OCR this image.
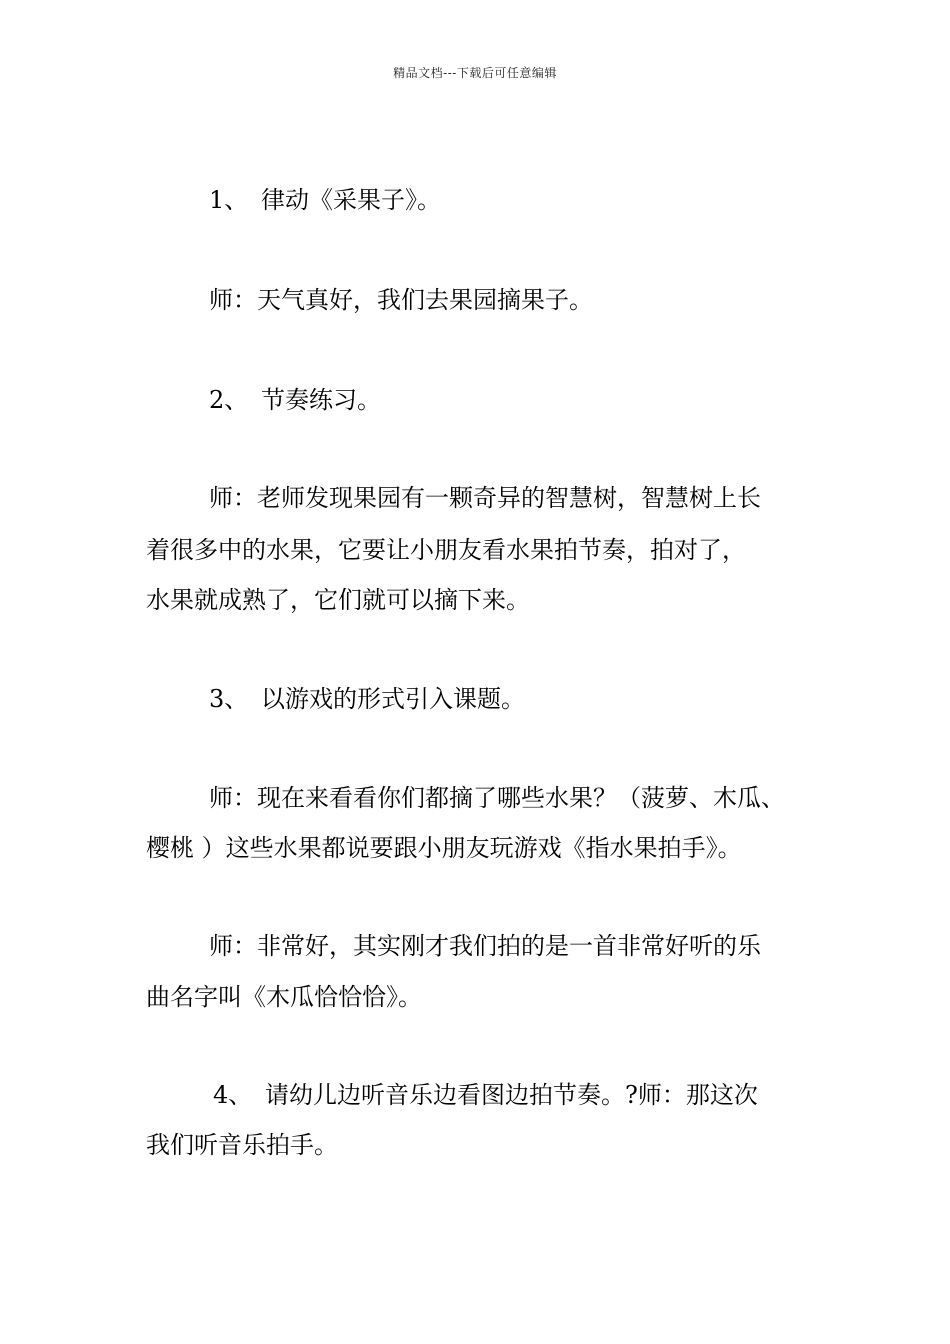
精品文档---下载后可任意编辑
1、 律动《采果子》。
师：天气真好，我们去果园摘果子。
2、 节奏练习。
师：老师发现果园有一颗奇异的智慧树，智慧树上长
着很多中的水果，它要让小朋友看水果拍节奏，拍对了，
水果就成熟了，它们就可以摘下来。
3、 以游戏的形式引入课题。
师：现在来看看你们都摘了哪些水果？（菠萝、木瓜、
樱桃 ）这些水果都说要跟小朋友玩游戏《指水果拍手》。
师：非常好，其实刚才我们拍的是一首非常好听的乐
曲名字叫《木瓜恰恰恰》。
4、 请幼儿边听音乐边看图边拍节奏。?师：那这次
我们听音乐拍手。
